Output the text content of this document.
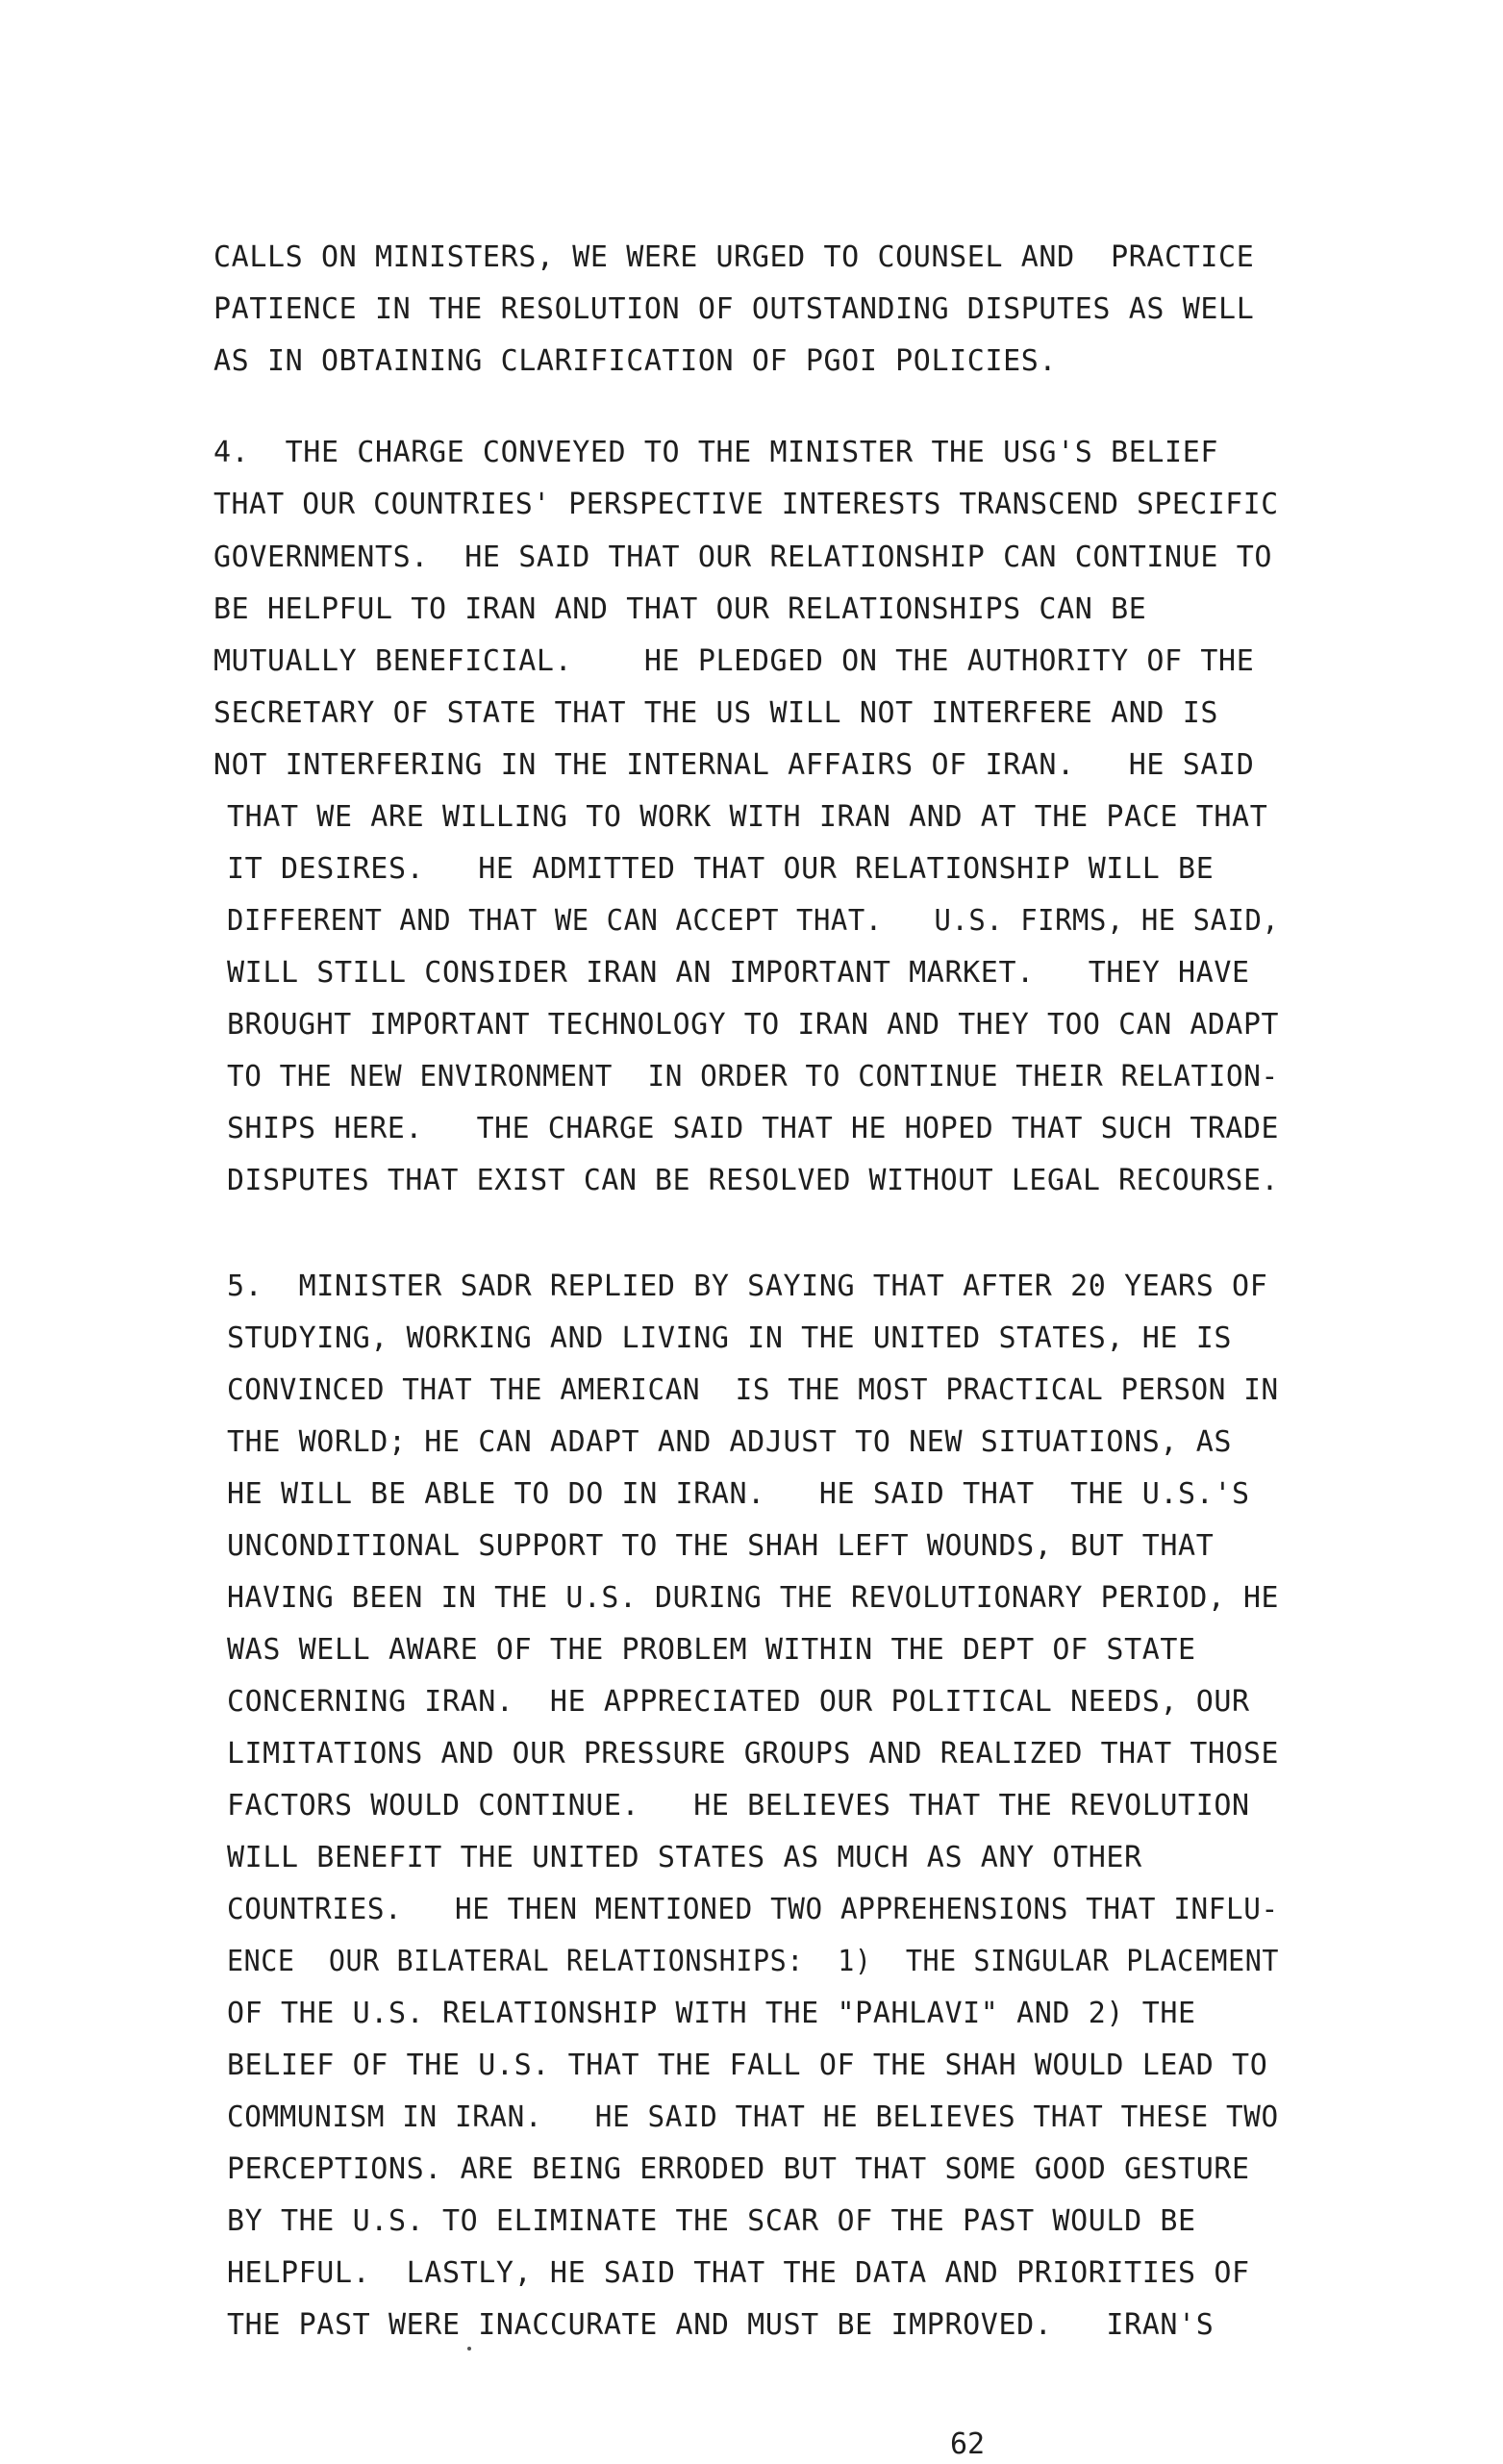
CALLS ON MINISTERS, WE WERE URGED TO COUNSEL AND  PRACTICE
PATIENCE IN THE RESOLUTION OF OUTSTANDING DISPUTES AS WELL
AS IN OBTAINING CLARIFICATION OF PGOI POLICIES.
4.  THE CHARGE CONVEYED TO THE MINISTER THE USG'S BELIEF
THAT OUR COUNTRIES' PERSPECTIVE INTERESTS TRANSCEND SPECIFIC
GOVERNMENTS.  HE SAID THAT OUR RELATIONSHIP CAN CONTINUE TO
BE HELPFUL TO IRAN AND THAT OUR RELATIONSHIPS CAN BE
MUTUALLY BENEFICIAL.    HE PLEDGED ON THE AUTHORITY OF THE
SECRETARY OF STATE THAT THE US WILL NOT INTERFERE AND IS
NOT INTERFERING IN THE INTERNAL AFFAIRS OF IRAN.   HE SAID
THAT WE ARE WILLING TO WORK WITH IRAN AND AT THE PACE THAT
IT DESIRES.   HE ADMITTED THAT OUR RELATIONSHIP WILL BE
DIFFERENT AND THAT WE CAN ACCEPT THAT.   U.S. FIRMS, HE SAID,
WILL STILL CONSIDER IRAN AN IMPORTANT MARKET.   THEY HAVE
BROUGHT IMPORTANT TECHNOLOGY TO IRAN AND THEY TOO CAN ADAPT
TO THE NEW ENVIRONMENT  IN ORDER TO CONTINUE THEIR RELATION-
SHIPS HERE.   THE CHARGE SAID THAT HE HOPED THAT SUCH TRADE
DISPUTES THAT EXIST CAN BE RESOLVED WITHOUT LEGAL RECOURSE.
5.  MINISTER SADR REPLIED BY SAYING THAT AFTER 20 YEARS OF
STUDYING, WORKING AND LIVING IN THE UNITED STATES, HE IS
CONVINCED THAT THE AMERICAN  IS THE MOST PRACTICAL PERSON IN
THE WORLD; HE CAN ADAPT AND ADJUST TO NEW SITUATIONS, AS
HE WILL BE ABLE TO DO IN IRAN.   HE SAID THAT  THE U.S.'S
UNCONDITIONAL SUPPORT TO THE SHAH LEFT WOUNDS, BUT THAT
HAVING BEEN IN THE U.S. DURING THE REVOLUTIONARY PERIOD, HE
WAS WELL AWARE OF THE PROBLEM WITHIN THE DEPT OF STATE
CONCERNING IRAN.  HE APPRECIATED OUR POLITICAL NEEDS, OUR
LIMITATIONS AND OUR PRESSURE GROUPS AND REALIZED THAT THOSE
FACTORS WOULD CONTINUE.   HE BELIEVES THAT THE REVOLUTION
WILL BENEFIT THE UNITED STATES AS MUCH AS ANY OTHER
COUNTRIES.   HE THEN MENTIONED TWO APPREHENSIONS THAT INFLU-
ENCE  OUR BILATERAL RELATIONSHIPS:  1)  THE SINGULAR PLACEMENT
OF THE U.S. RELATIONSHIP WITH THE "PAHLAVI" AND 2) THE
BELIEF OF THE U.S. THAT THE FALL OF THE SHAH WOULD LEAD TO
COMMUNISM IN IRAN.   HE SAID THAT HE BELIEVES THAT THESE TWO
PERCEPTIONS. ARE BEING ERRODED BUT THAT SOME GOOD GESTURE
BY THE U.S. TO ELIMINATE THE SCAR OF THE PAST WOULD BE
HELPFUL.  LASTLY, HE SAID THAT THE DATA AND PRIORITIES OF
THE PAST WERE INACCURATE AND MUST BE IMPROVED.   IRAN'S
62
